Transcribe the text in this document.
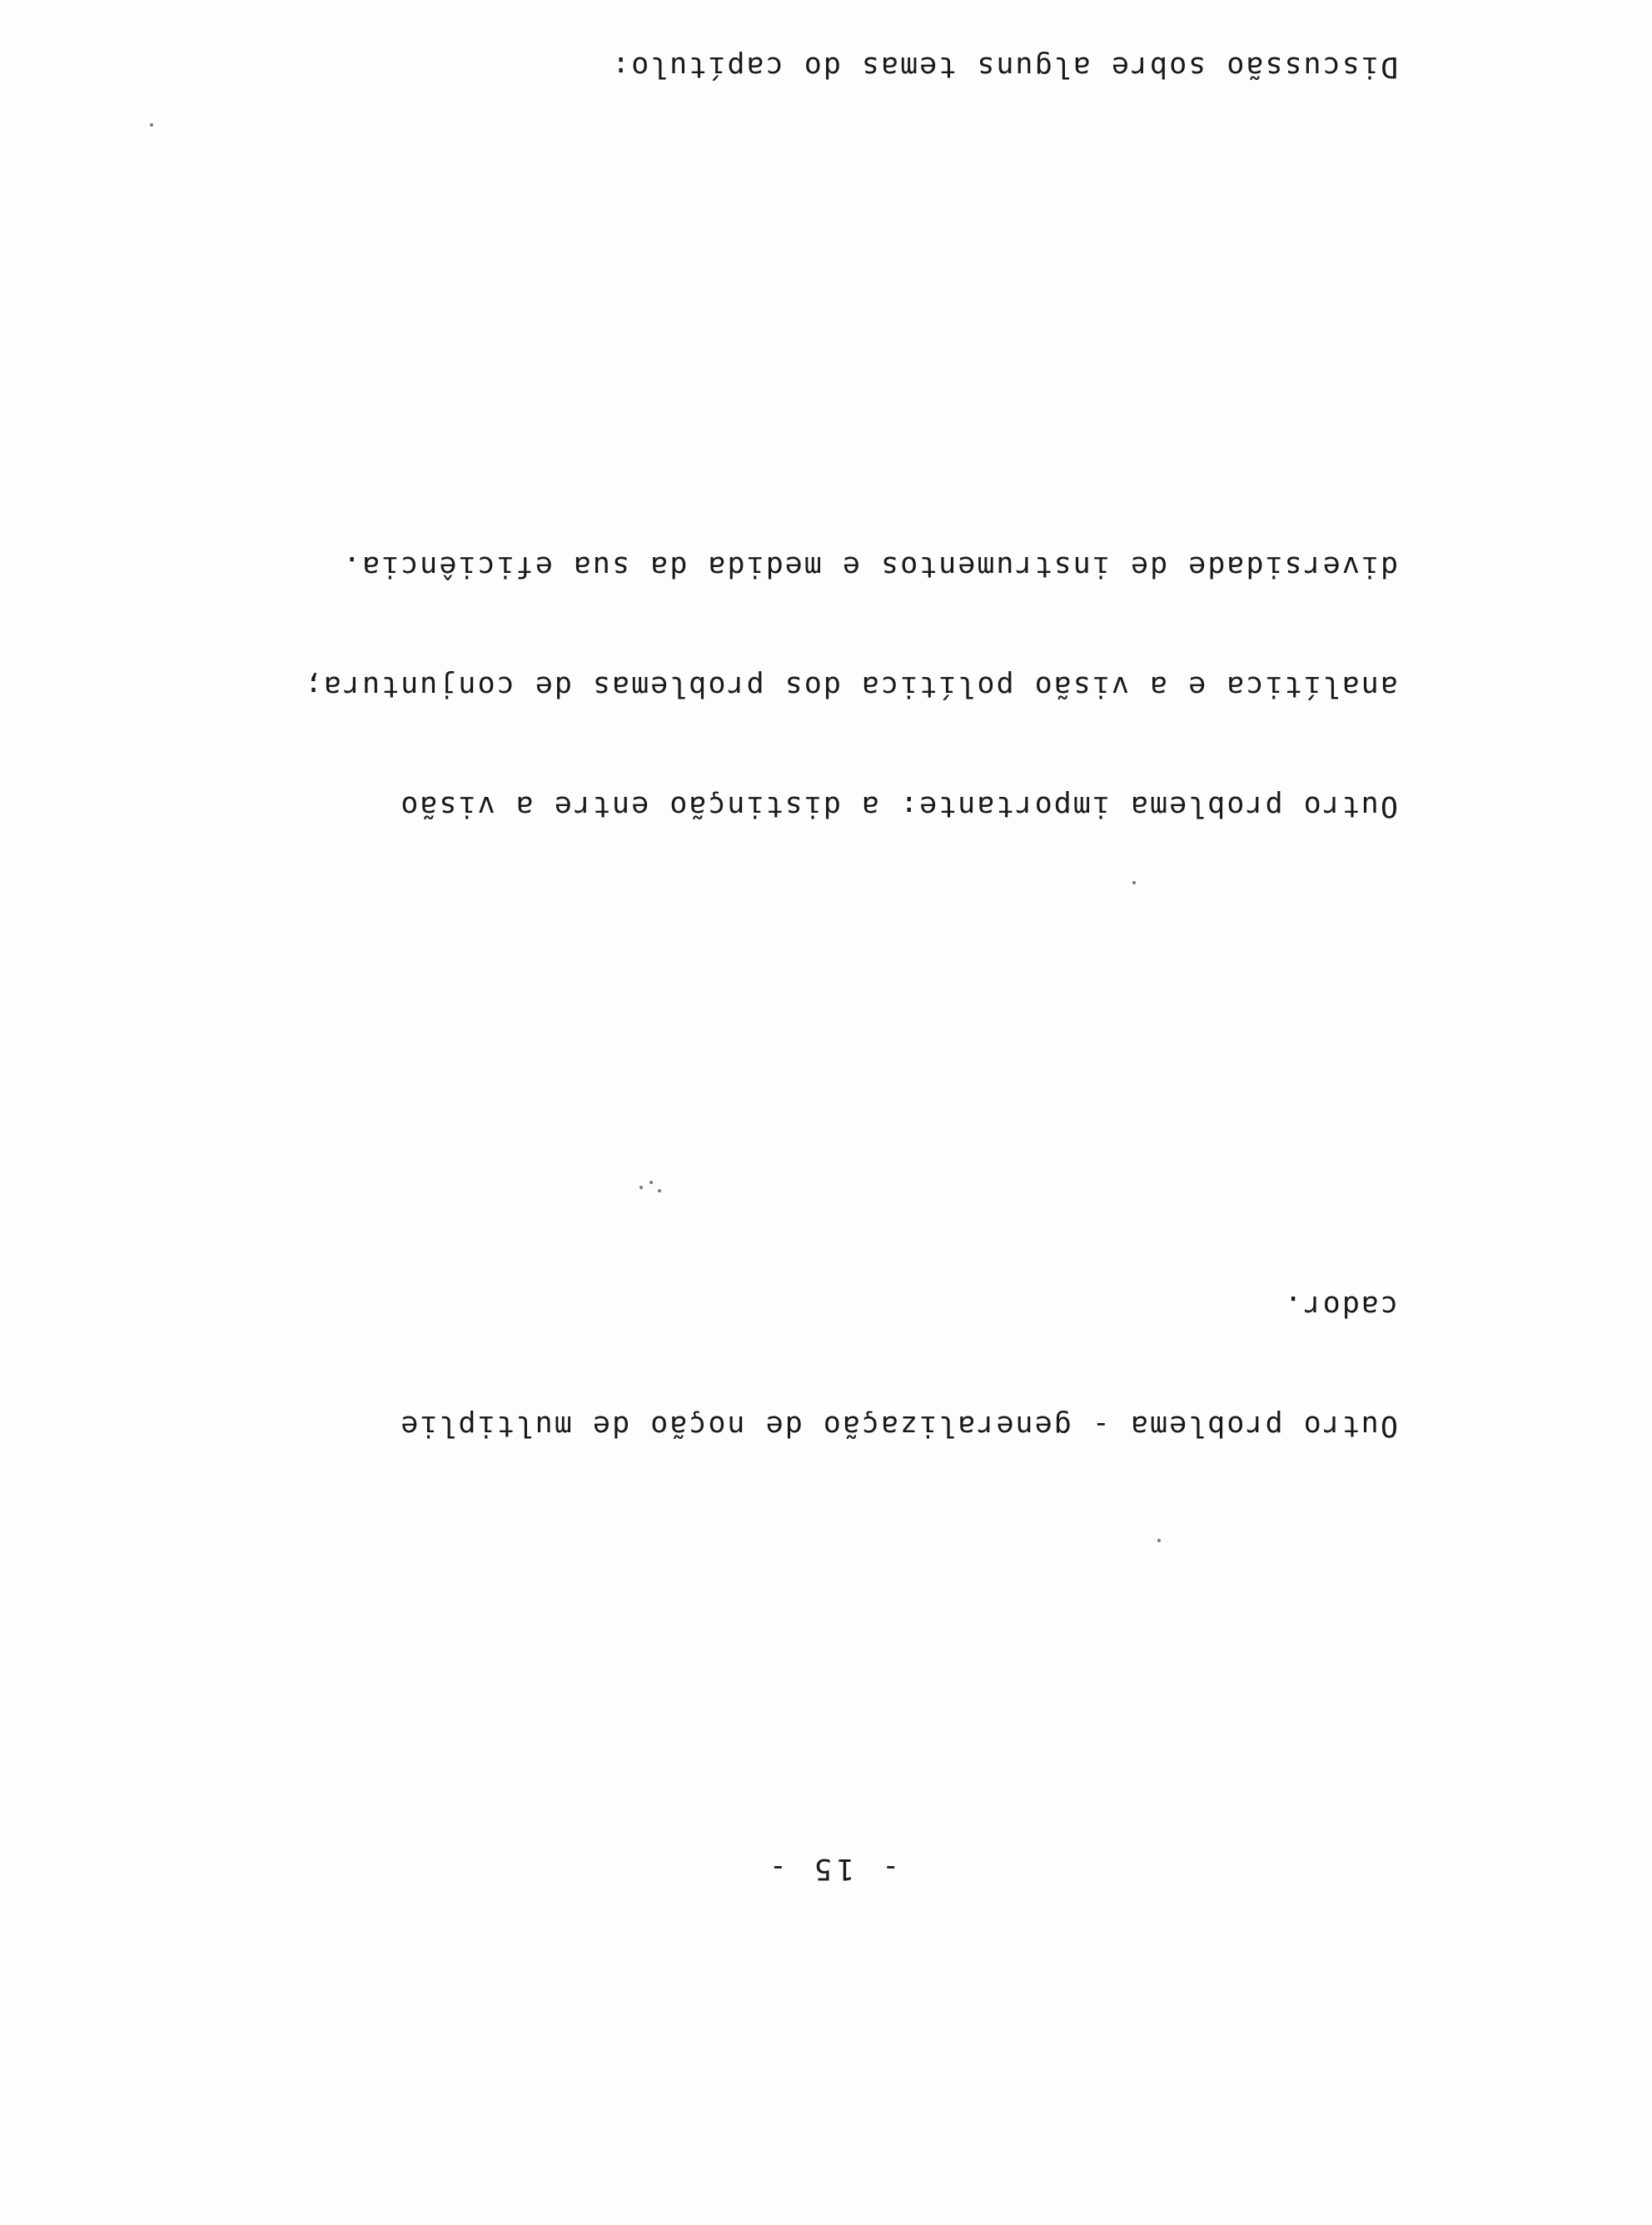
- 15 -

Outro problema - generalização de noção de multiplie

cador.

Outro problema importante: a distinção entre a visão

analítica e a visão política dos problemas de conjuntura;

diversidade de instrumentos e medida da sua eficiência.

Discussão sobre alguns temas do capítulo:
